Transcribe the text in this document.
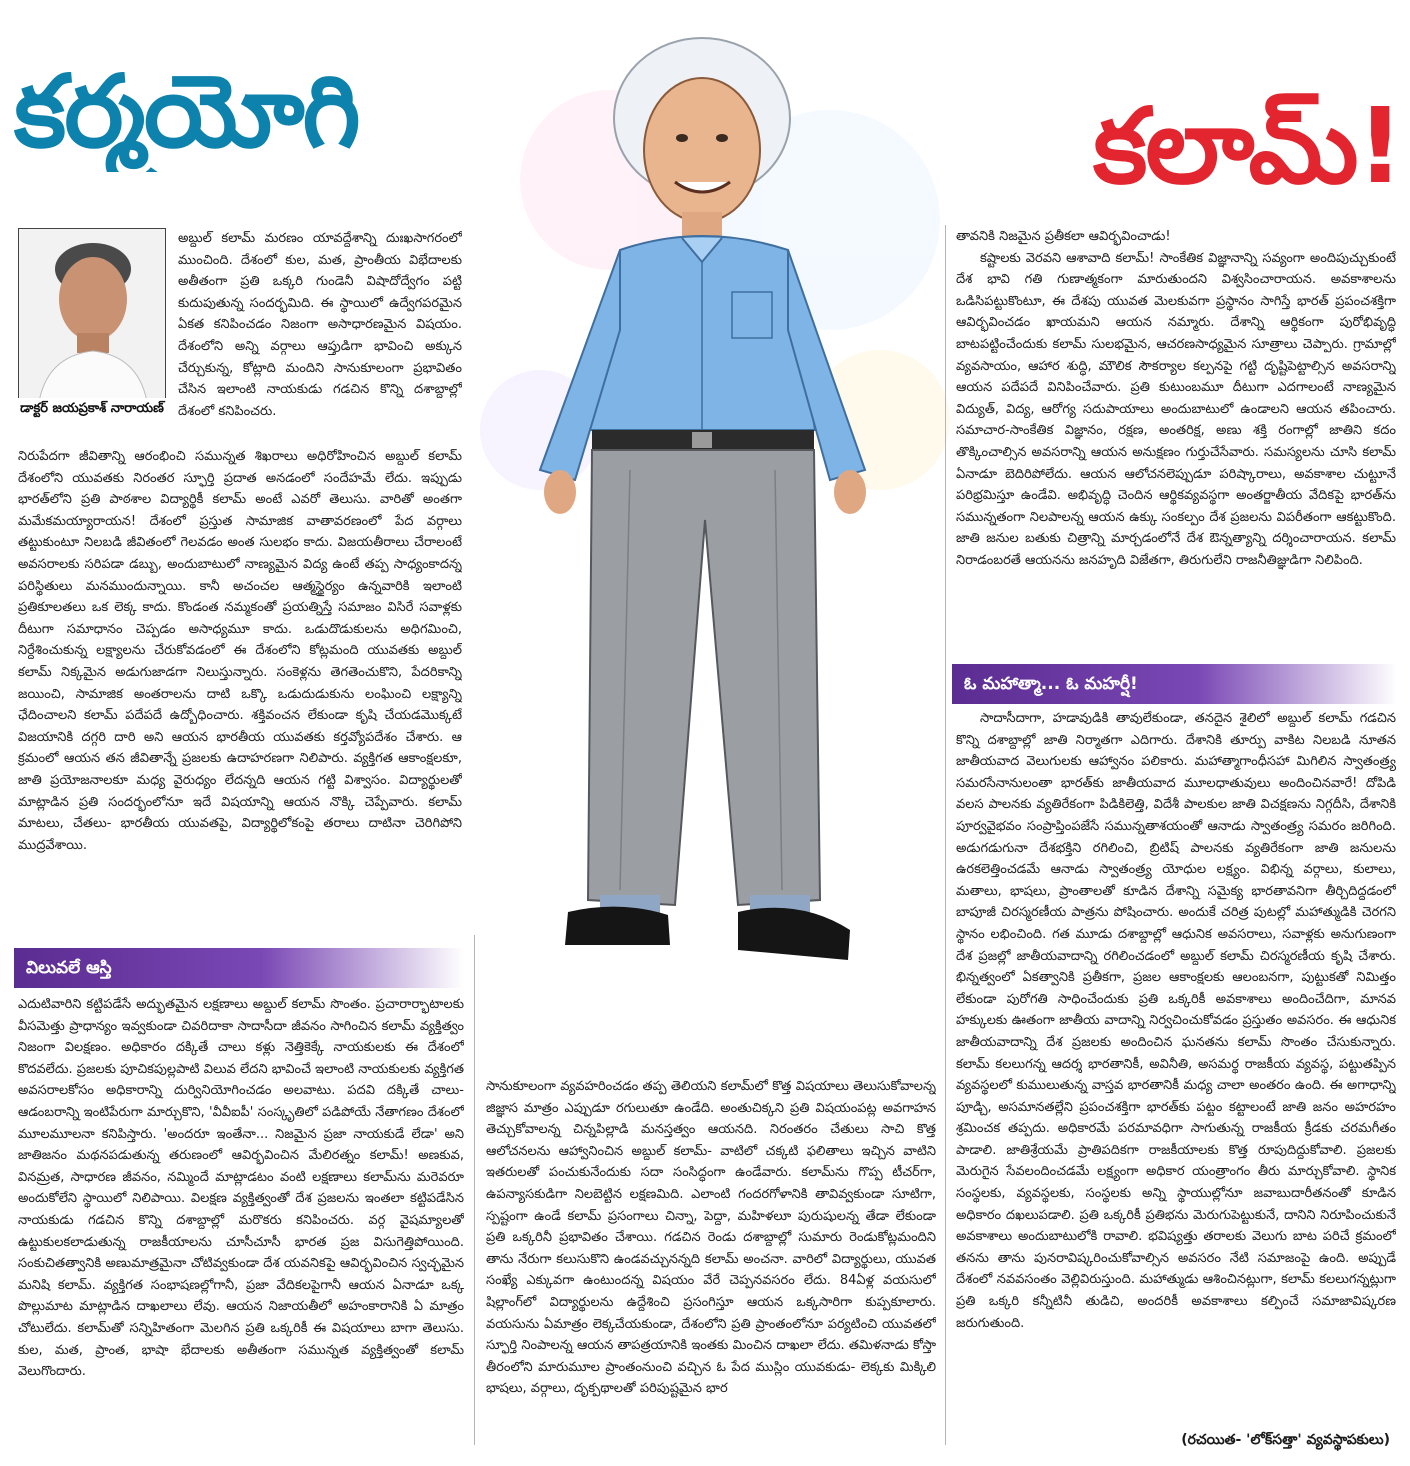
కర్మయోగి	కలామ్!
డాక్టర్ జయప్రకాశ్ నారాయణ్

అబ్దుల్ కలామ్ మరణం యావద్దేశాన్ని దుఃఖసాగరంలో ముంచింది. దేశంలో కుల, మత, ప్రాంతీయ విభేదాలకు అతీతంగా ప్రతి ఒక్కరి గుండెనీ విషాదోద్వేగం పట్టి కుదుపుతున్న సందర్భమిది. ఈ స్థాయిలో ఉద్వేగపరమైన ఏకత కనిపించడం నిజంగా అసాధారణమైన విషయం. దేశంలోని అన్ని వర్గాలు ఆప్తుడిగా భావించి అక్కున చేర్చుకున్న, కోట్లాది మందిని సానుకూలంగా ప్రభావితం చేసిన ఇలాంటి నాయకుడు గడచిన కొన్ని దశాబ్దాల్లో దేశంలో కనిపించరు.

నిరుపేదగా జీవితాన్ని ఆరంభించి సమున్నత శిఖరాలు అధిరోహించిన అబ్దుల్ కలామ్ దేశంలోని యువతకు నిరంతర స్ఫూర్తి ప్రదాత అనడంలో సందేహమే లేదు. ఇప్పుడు భారత్‌లోని ప్రతి పాఠశాల విద్యార్థికీ కలామ్ అంటే ఎవరో తెలుసు. వారితో అంతగా మమేకమయ్యారాయన! దేశంలో ప్రస్తుత సామాజిక వాతావరణంలో పేద వర్గాలు తట్టుకుంటూ నిలబడి జీవితంలో గెలవడం అంత సులభం కాదు. విజయతీరాలు చేరాలంటే అవసరాలకు సరిపడా డబ్బు, అందుబాటులో నాణ్యమైన విద్య ఉంటే తప్ప సాధ్యంకాదన్న పరిస్థితులు మనముందున్నాయి. కానీ అచంచల ఆత్మస్థైర్యం ఉన్నవారికి ఇలాంటి ప్రతికూలతలు ఒక లెక్క కాదు. కొండంత నమ్మకంతో ప్రయత్నిస్తే సమాజం విసిరే సవాళ్లకు దీటుగా సమాధానం చెప్పడం అసాధ్యమూ కాదు. ఒడుదొడుకులను అధిగమించి, నిర్దేశించుకున్న లక్ష్యాలను చేరుకోవడంలో ఈ దేశంలోని కోట్లమంది యువతకు అబ్దుల్ కలామ్ నిక్కమైన అడుగుజాడగా నిలుస్తున్నారు. సంకెళ్లను తెగతెంచుకొని, పేదరికాన్ని జయించి, సామాజిక అంతరాలను దాటి ఒక్కొ ఒడుదుడుకును లంఘించి లక్ష్యాన్ని ఛేదించాలని కలామ్ పదేపదే ఉద్బోధించారు. శక్తివంచన లేకుండా కృషి చేయడమొక్కటే విజయానికి దగ్గరి దారి అని ఆయన భారతీయ యువతకు కర్తవ్యోపదేశం చేశారు. ఆ క్రమంలో ఆయన తన జీవితాన్నే ప్రజలకు ఉదాహరణగా నిలిపారు. వ్యక్తిగత ఆకాంక్షలకూ, జాతి ప్రయోజనాలకూ మధ్య వైరుధ్యం లేదన్నది ఆయన గట్టి విశ్వాసం. విద్యార్థులతో మాట్లాడిన ప్రతి సందర్భంలోనూ ఇదే విషయాన్ని ఆయన నొక్కి చెప్పేవారు. కలామ్ మాటలు, చేతలు- భారతీయ యువతపై, విద్యార్థిలోకంపై తరాలు దాటినా చెరిగిపోని ముద్రవేశాయి.

విలువలే ఆస్తి

ఎదుటివారిని కట్టిపడేసే అద్భుతమైన లక్షణాలు అబ్దుల్ కలామ్ సొంతం. ప్రచారార్భాటాలకు వీసమెత్తు ప్రాధాన్యం ఇవ్వకుండా చివరిదాకా సాదాసీదా జీవనం సాగించిన కలామ్ వ్యక్తిత్వం నిజంగా విలక్షణం. అధికారం దక్కితే చాలు కళ్లు నెత్తికెక్కే నాయకులకు ఈ దేశంలో కొదవలేదు. ప్రజలకు పూచికపుల్లపాటి విలువ లేదని భావించే ఇలాంటి నాయకులకు వ్యక్తిగత అవసరాలకోసం అధికారాన్ని దుర్వినియోగించడం అలవాటు. పదవి దక్కితే చాలు- ఆడంబరాన్ని ఇంటిపేరుగా మార్చుకొని, 'వీవీఐపీ' సంస్కృతిలో పడిపోయే నేతాగణం దేశంలో మూలమూలనా కనిపిస్తారు. 'అందరూ ఇంతేనా... నిజమైన ప్రజా నాయకుడే లేడా' అని జాతిజనం మథనపడుతున్న తరుణంలో ఆవిర్భవించిన మేలిరత్నం కలామ్! అణకువ, వినమ్రత, సాధారణ జీవనం, నమ్మిందే మాట్లాడటం వంటి లక్షణాలు కలామ్‌ను మరెవరూ అందుకోలేని స్థాయిలో నిలిపాయి. విలక్షణ వ్యక్తిత్వంతో దేశ ప్రజలను ఇంతలా కట్టిపడేసిన నాయకుడు గడచిన కొన్ని దశాబ్దాల్లో మరొకరు కనిపించరు. వర్గ వైషమ్యాలతో ఉట్టుకులకలాడుతున్న రాజకీయాలను చూసీచూసీ భారత ప్రజ విసుగెత్తిపోయింది. సంకుచితత్వానికి అణుమాత్రమైనా చోటివ్వకుండా దేశ యవనికపై ఆవిర్భవించిన స్వచ్ఛమైన మనిషి కలామ్. వ్యక్తిగత సంభాషణల్లోగానీ, ప్రజా వేదికలపైగానీ ఆయన ఏనాడూ ఒక్క పొల్లుమాట మాట్లాడిన దాఖలాలు లేవు. ఆయన నిజాయతీలో అహంకారానికి ఏ మాత్రం చోటులేదు. కలామ్‌తో సన్నిహితంగా మెలగిన ప్రతి ఒక్కరికీ ఈ విషయాలు బాగా తెలుసు. కుల, మత, ప్రాంత, భాషా భేదాలకు అతీతంగా సమున్నత వ్యక్తిత్వంతో కలామ్ వెలుగొందారు.

సానుకూలంగా వ్యవహరించడం తప్ప తెలియని కలామ్‌లో కొత్త విషయాలు తెలుసుకోవాలన్న జిజ్ఞాస మాత్రం ఎప్పుడూ రగులుతూ ఉండేది. అంతుచిక్కని ప్రతి విషయంపట్ల అవగాహన తెచ్చుకోవాలన్న చిన్నపిల్లాడి మనస్తత్వం ఆయనది. నిరంతరం చేతులు సాచి కొత్త ఆలోచనలను ఆహ్వానించిన అబ్దుల్ కలామ్- వాటిలో చక్కటి ఫలితాలు ఇచ్చిన వాటిని ఇతరులతో పంచుకునేందుకు సదా సంసిద్ధంగా ఉండేవారు. కలామ్‌ను గొప్ప టీచర్‌గా, ఉపన్యాసకుడిగా నిలబెట్టిన లక్షణమిది. ఎలాంటి గందరగోళానికి తావివ్వకుండా సూటిగా, స్పష్టంగా ఉండే కలామ్ ప్రసంగాలు చిన్నా, పెద్దా, మహిళలూ పురుషులన్న తేడా లేకుండా ప్రతి ఒక్కరినీ ప్రభావితం చేశాయి. గడచిన రెండు దశాబ్దాల్లో సుమారు రెండుకోట్లమందిని తాను నేరుగా కలుసుకొని ఉండవచ్చునన్నది కలామ్ అంచనా. వారిలో విద్యార్థులు, యువత సంఖ్యే ఎక్కువగా ఉంటుందన్న విషయం వేరే చెప్పనవసరం లేదు. 84ఏళ్ల వయసులో షిల్లాంగ్‌లో విద్యార్థులను ఉద్దేశించి ప్రసంగిస్తూ ఆయన ఒక్కసారిగా కుప్పకూలారు. వయసును ఏమాత్రం లెక్కచేయకుండా, దేశంలోని ప్రతి ప్రాంతంలోనూ పర్యటించి యువతలో స్ఫూర్తి నింపాలన్న ఆయన తాపత్రయానికి ఇంతకు మించిన దాఖలా లేదు. తమిళనాడు కోస్తా తీరంలోని మారుమూల ప్రాంతంనుంచి వచ్చిన ఓ పేద ముస్లిం యువకుడు- లెక్కకు మిక్కిలి భాషలు, వర్గాలు, దృక్పథాలతో పరిపుష్టమైన భార

తావనికి నిజమైన ప్రతీకలా ఆవిర్భవించాడు!

కష్టాలకు వెరవని ఆశావాది కలామ్! సాంకేతిక విజ్ఞానాన్ని సవ్యంగా అందిపుచ్చుకుంటే దేశ భావి గతి గుణాత్మకంగా మారుతుందని విశ్వసించారాయన. అవకాశాలను ఒడిసిపట్టుకొంటూ, ఈ దేశపు యువత మెలకువగా ప్రస్థానం సాగిస్తే భారత్ ప్రపంచశక్తిగా ఆవిర్భవించడం ఖాయమని ఆయన నమ్మారు. దేశాన్ని ఆర్థికంగా పురోభివృద్ధి బాటపట్టించేందుకు కలామ్ సులభమైన, ఆచరణసాధ్యమైన సూత్రాలు చెప్పారు. గ్రామాల్లో వ్యవసాయం, ఆహార శుద్ధి, మౌలిక సౌకర్యాల కల్పనపై గట్టి దృష్టిపెట్టాల్సిన అవసరాన్ని ఆయన పదేపదే వినిపించేవారు. ప్రతి కుటుంబమూ దీటుగా ఎదగాలంటే నాణ్యమైన విద్యుత్, విద్య, ఆరోగ్య సదుపాయాలు అందుబాటులో ఉండాలని ఆయన తపించారు. సమాచార-సాంకేతిక విజ్ఞానం, రక్షణ, అంతరిక్ష, అణు శక్తి రంగాల్లో జాతిని కదం తొక్కించాల్సిన అవసరాన్ని ఆయన అనుక్షణం గుర్తుచేసేవారు. సమస్యలను చూసి కలామ్ ఏనాడూ బెదిరిపోలేదు. ఆయన ఆలోచనలెప్పుడూ పరిష్కారాలు, అవకాశాల చుట్టూనే పరిభ్రమిస్తూ ఉండేవి. అభివృద్ధి చెందిన ఆర్థికవ్యవస్థగా అంతర్జాతీయ వేదికపై భారత్‌ను సమున్నతంగా నిలపాలన్న ఆయన ఉక్కు సంకల్పం దేశ ప్రజలను విపరీతంగా ఆకట్టుకొంది. జాతి జనుల బతుకు చిత్రాన్ని మార్చడంలోనే దేశ ఔన్నత్యాన్ని దర్శించారాయన. కలామ్ నిరాడంబరతే ఆయనను జనహృది విజేతగా, తిరుగులేని రాజనీతిజ్ఞుడిగా నిలిపింది.

ఓ మహాత్మా... ఓ మహర్షీ!

సాదాసీదాగా, హడావుడికి తావులేకుండా, తనదైన శైలిలో అబ్దుల్ కలామ్ గడచిన కొన్ని దశాబ్దాల్లో జాతి నిర్మాతగా ఎదిగారు. దేశానికి తూర్పు వాకిట నిలబడి నూతన జాతీయవాద వెలుగులకు ఆహ్వానం పలికారు. మహాత్మాగాంధీసహా మిగిలిన స్వాతంత్ర్య సమరసేనానులంతా భారత్‌కు జాతీయవాద మూలధాతువులు అందించినవారే! దోపిడి వలస పాలనకు వ్యతిరేకంగా పిడికిలెత్తి, విదేశీ పాలకుల జాతి విచక్షణను నిగ్గదీసి, దేశానికి పూర్వవైభవం సంప్రాప్తింపజేసే సమున్నతాశయంతో ఆనాడు స్వాతంత్ర్య సమరం జరిగింది. అడుగడుగునా దేశభక్తిని రగిలించి, బ్రిటిష్ పాలనకు వ్యతిరేకంగా జాతి జనులను ఉరకలెత్తించడమే ఆనాడు స్వాతంత్ర్య యోధుల లక్ష్యం. విభిన్న వర్గాలు, కులాలు, మతాలు, భాషలు, ప్రాంతాలతో కూడిన దేశాన్ని సమైక్య భారతావనిగా తీర్చిదిద్దడంలో బాపూజీ చిరస్మరణీయ పాత్రను పోషించారు. అందుకే చరిత్ర పుటల్లో మహాత్ముడికి చెరగని స్థానం లభించింది. గత మూడు దశాబ్దాల్లో ఆధునిక అవసరాలు, సవాళ్లకు అనుగుణంగా దేశ ప్రజల్లో జాతీయవాదాన్ని రగిలించడంలో అబ్దుల్ కలామ్ చిరస్మరణీయ కృషి చేశారు. భిన్నత్వంలో ఏకత్వానికి ప్రతీకగా, ప్రజల ఆకాంక్షలకు ఆలంబనగా, పుట్టుకతో నిమిత్తం లేకుండా పురోగతి సాధించేందుకు ప్రతి ఒక్కరికీ అవకాశాలు అందించేదిగా, మానవ హక్కులకు ఊతంగా జాతీయ వాదాన్ని నిర్వచించుకోవడం ప్రస్తుతం అవసరం. ఈ ఆధునిక జాతీయవాదాన్ని దేశ ప్రజలకు అందించిన ఘనతను కలామ్ సొంతం చేసుకున్నారు. కలామ్ కలలుగన్న ఆదర్శ భారతానికీ, అవినీతి, అసమర్థ రాజకీయ వ్యవస్థ, పట్టుతప్పిన వ్యవస్థలలో కుములుతున్న వాస్తవ భారతానికీ మధ్య చాలా అంతరం ఉంది. ఈ అగాధాన్ని పూడ్చి, అసమానతల్లేని ప్రపంచశక్తిగా భారత్‌కు పట్టం కట్టాలంటే జాతి జనం అహరహం శ్రమించక తప్పదు. అధికారమే పరమావధిగా సాగుతున్న రాజకీయ క్రీడకు చరమగీతం పాడాలి. జాతిశ్రేయమే ప్రాతిపదికగా రాజకీయాలకు కొత్త రూపుదిద్దుకోవాలి. ప్రజలకు మెరుగైన సేవలందించడమే లక్ష్యంగా అధికార యంత్రాంగం తీరు మార్చుకోవాలి. స్థానిక సంస్థలకు, వ్యవస్థలకు, సంస్థలకు అన్ని స్థాయుల్లోనూ జవాబుదారీతనంతో కూడిన అధికారం దఖలుపడాలి. ప్రతి ఒక్కరికీ ప్రతిభను మెరుగుపెట్టుకునే, దానిని నిరూపించుకునే అవకాశాలు అందుబాటులోకి రావాలి. భవిష్యత్తు తరాలకు వెలుగు బాట పరిచే క్రమంలో తనను తాను పునరావిష్కరించుకోవాల్సిన అవసరం నేటి సమాజంపై ఉంది. అప్పుడే దేశంలో నవవసంతం వెల్లివిరుస్తుంది. మహాత్ముడు ఆశించినట్లుగా, కలామ్ కలలుగన్నట్లుగా ప్రతి ఒక్కరి కన్నీటినీ తుడిచి, అందరికీ అవకాశాలు కల్పించే సమాజావిష్కరణ జరుగుతుంది.

(రచయిత- 'లోక్‌సత్తా' వ్యవస్థాపకులు)
